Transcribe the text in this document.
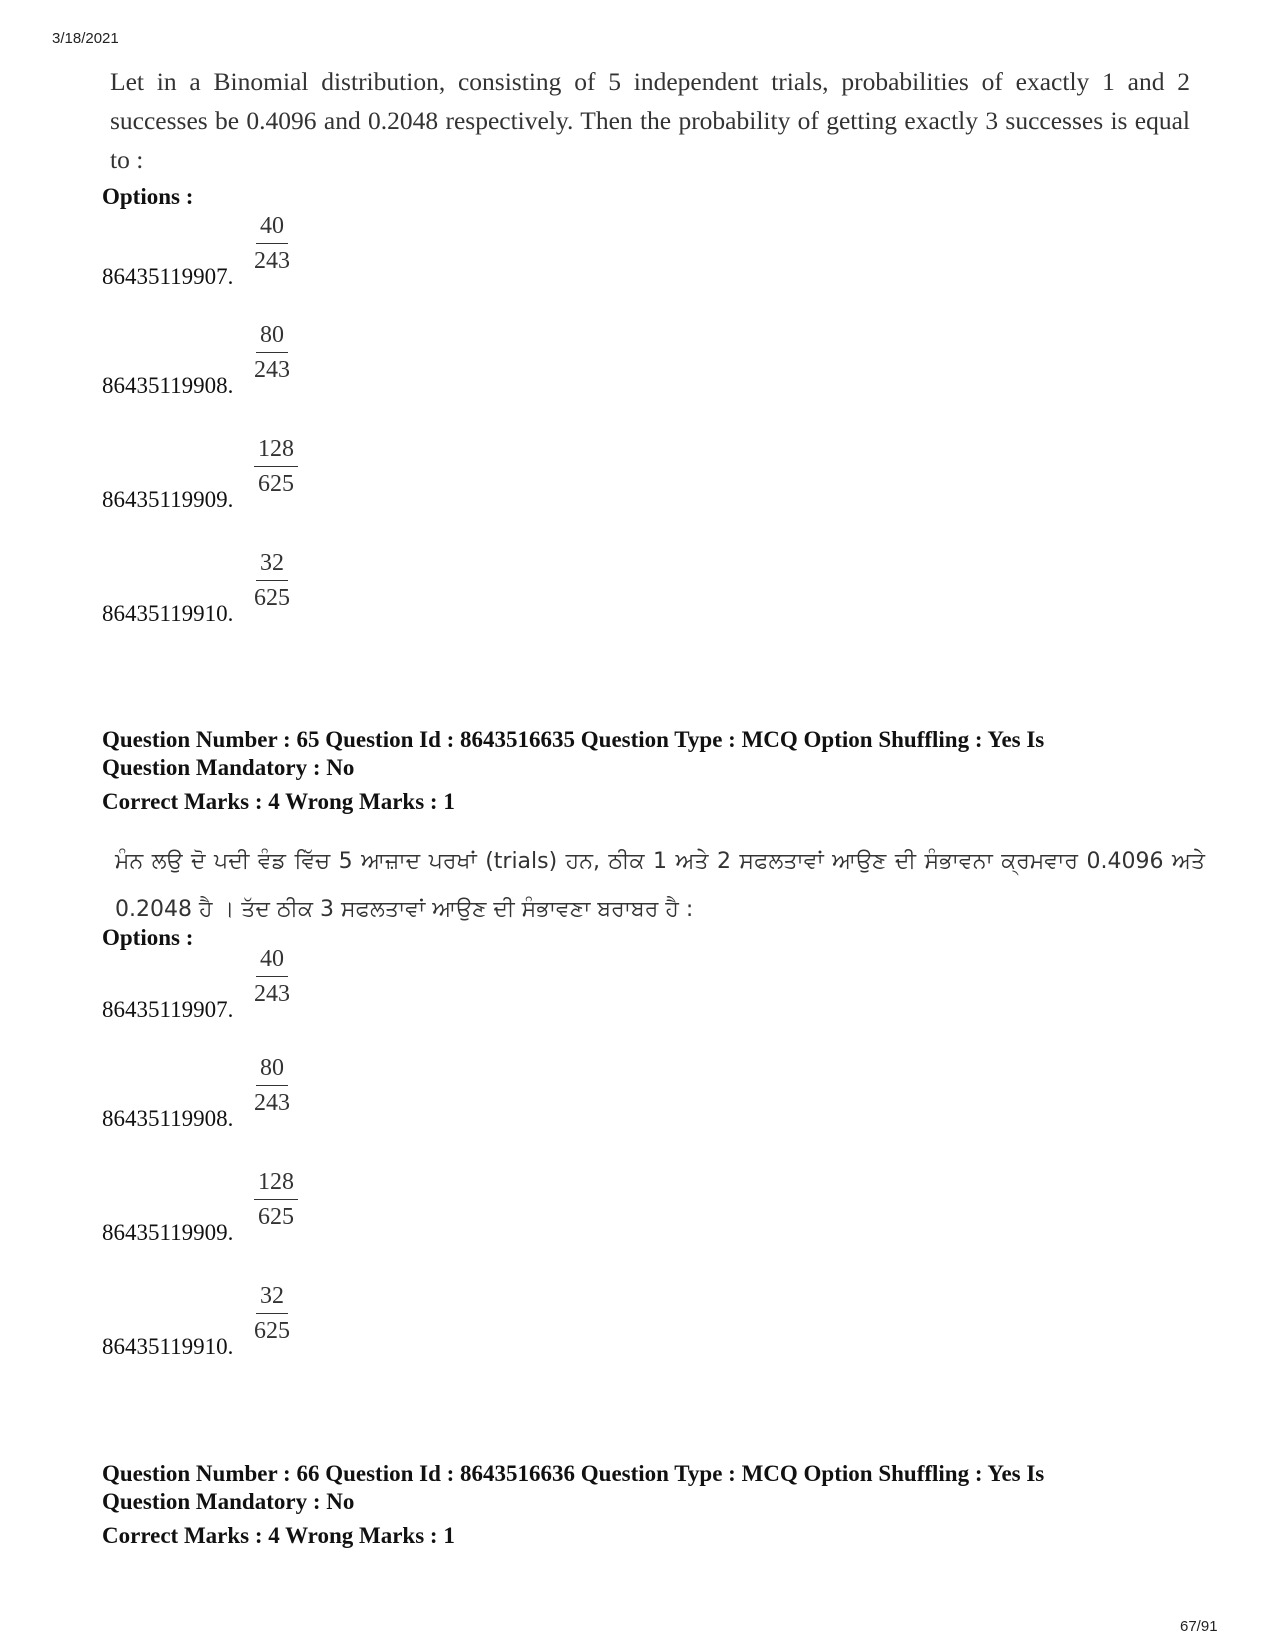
3/18/2021
Let in a Binomial distribution, consisting of 5 independent trials, probabilities of exactly 1 and 2 successes be 0.4096 and 0.2048 respectively. Then the probability of getting exactly 3 successes is equal to :
Options :
$\frac{40}{243}$
86435119907.
$\frac{80}{243}$
86435119908.
$\frac{128}{625}$
86435119909.
$\frac{32}{625}$
86435119910.
Question Number : 65 Question Id : 8643516635 Question Type : MCQ Option Shuffling : Yes Is
Question Mandatory : No
Correct Marks : 4 Wrong Marks : 1
ਮੰਨ ਲਉ ਦੋ ਪਦੀ ਵੰਡ ਵਿੱਚ 5 ਆਜ਼ਾਦ ਪਰਖਾਂ (trials) ਹਨ, ਠੀਕ 1 ਅਤੇ 2 ਸਫਲਤਾਵਾਂ ਆਉਣ ਦੀ ਸੰਭਾਵਨਾ ਕ੍ਰਮਵਾਰ 0.4096 ਅਤੇ 0.2048 ਹੈ । ਤੱਦ ਠੀਕ 3 ਸਫਲਤਾਵਾਂ ਆਉਣ ਦੀ ਸੰਭਾਵਣਾ ਬਰਾਬਰ ਹੈ :
Options :
$\frac{40}{243}$
86435119907.
$\frac{80}{243}$
86435119908.
$\frac{128}{625}$
86435119909.
$\frac{32}{625}$
86435119910.
Question Number : 66 Question Id : 8643516636 Question Type : MCQ Option Shuffling : Yes Is
Question Mandatory : No
Correct Marks : 4 Wrong Marks : 1
67/91
